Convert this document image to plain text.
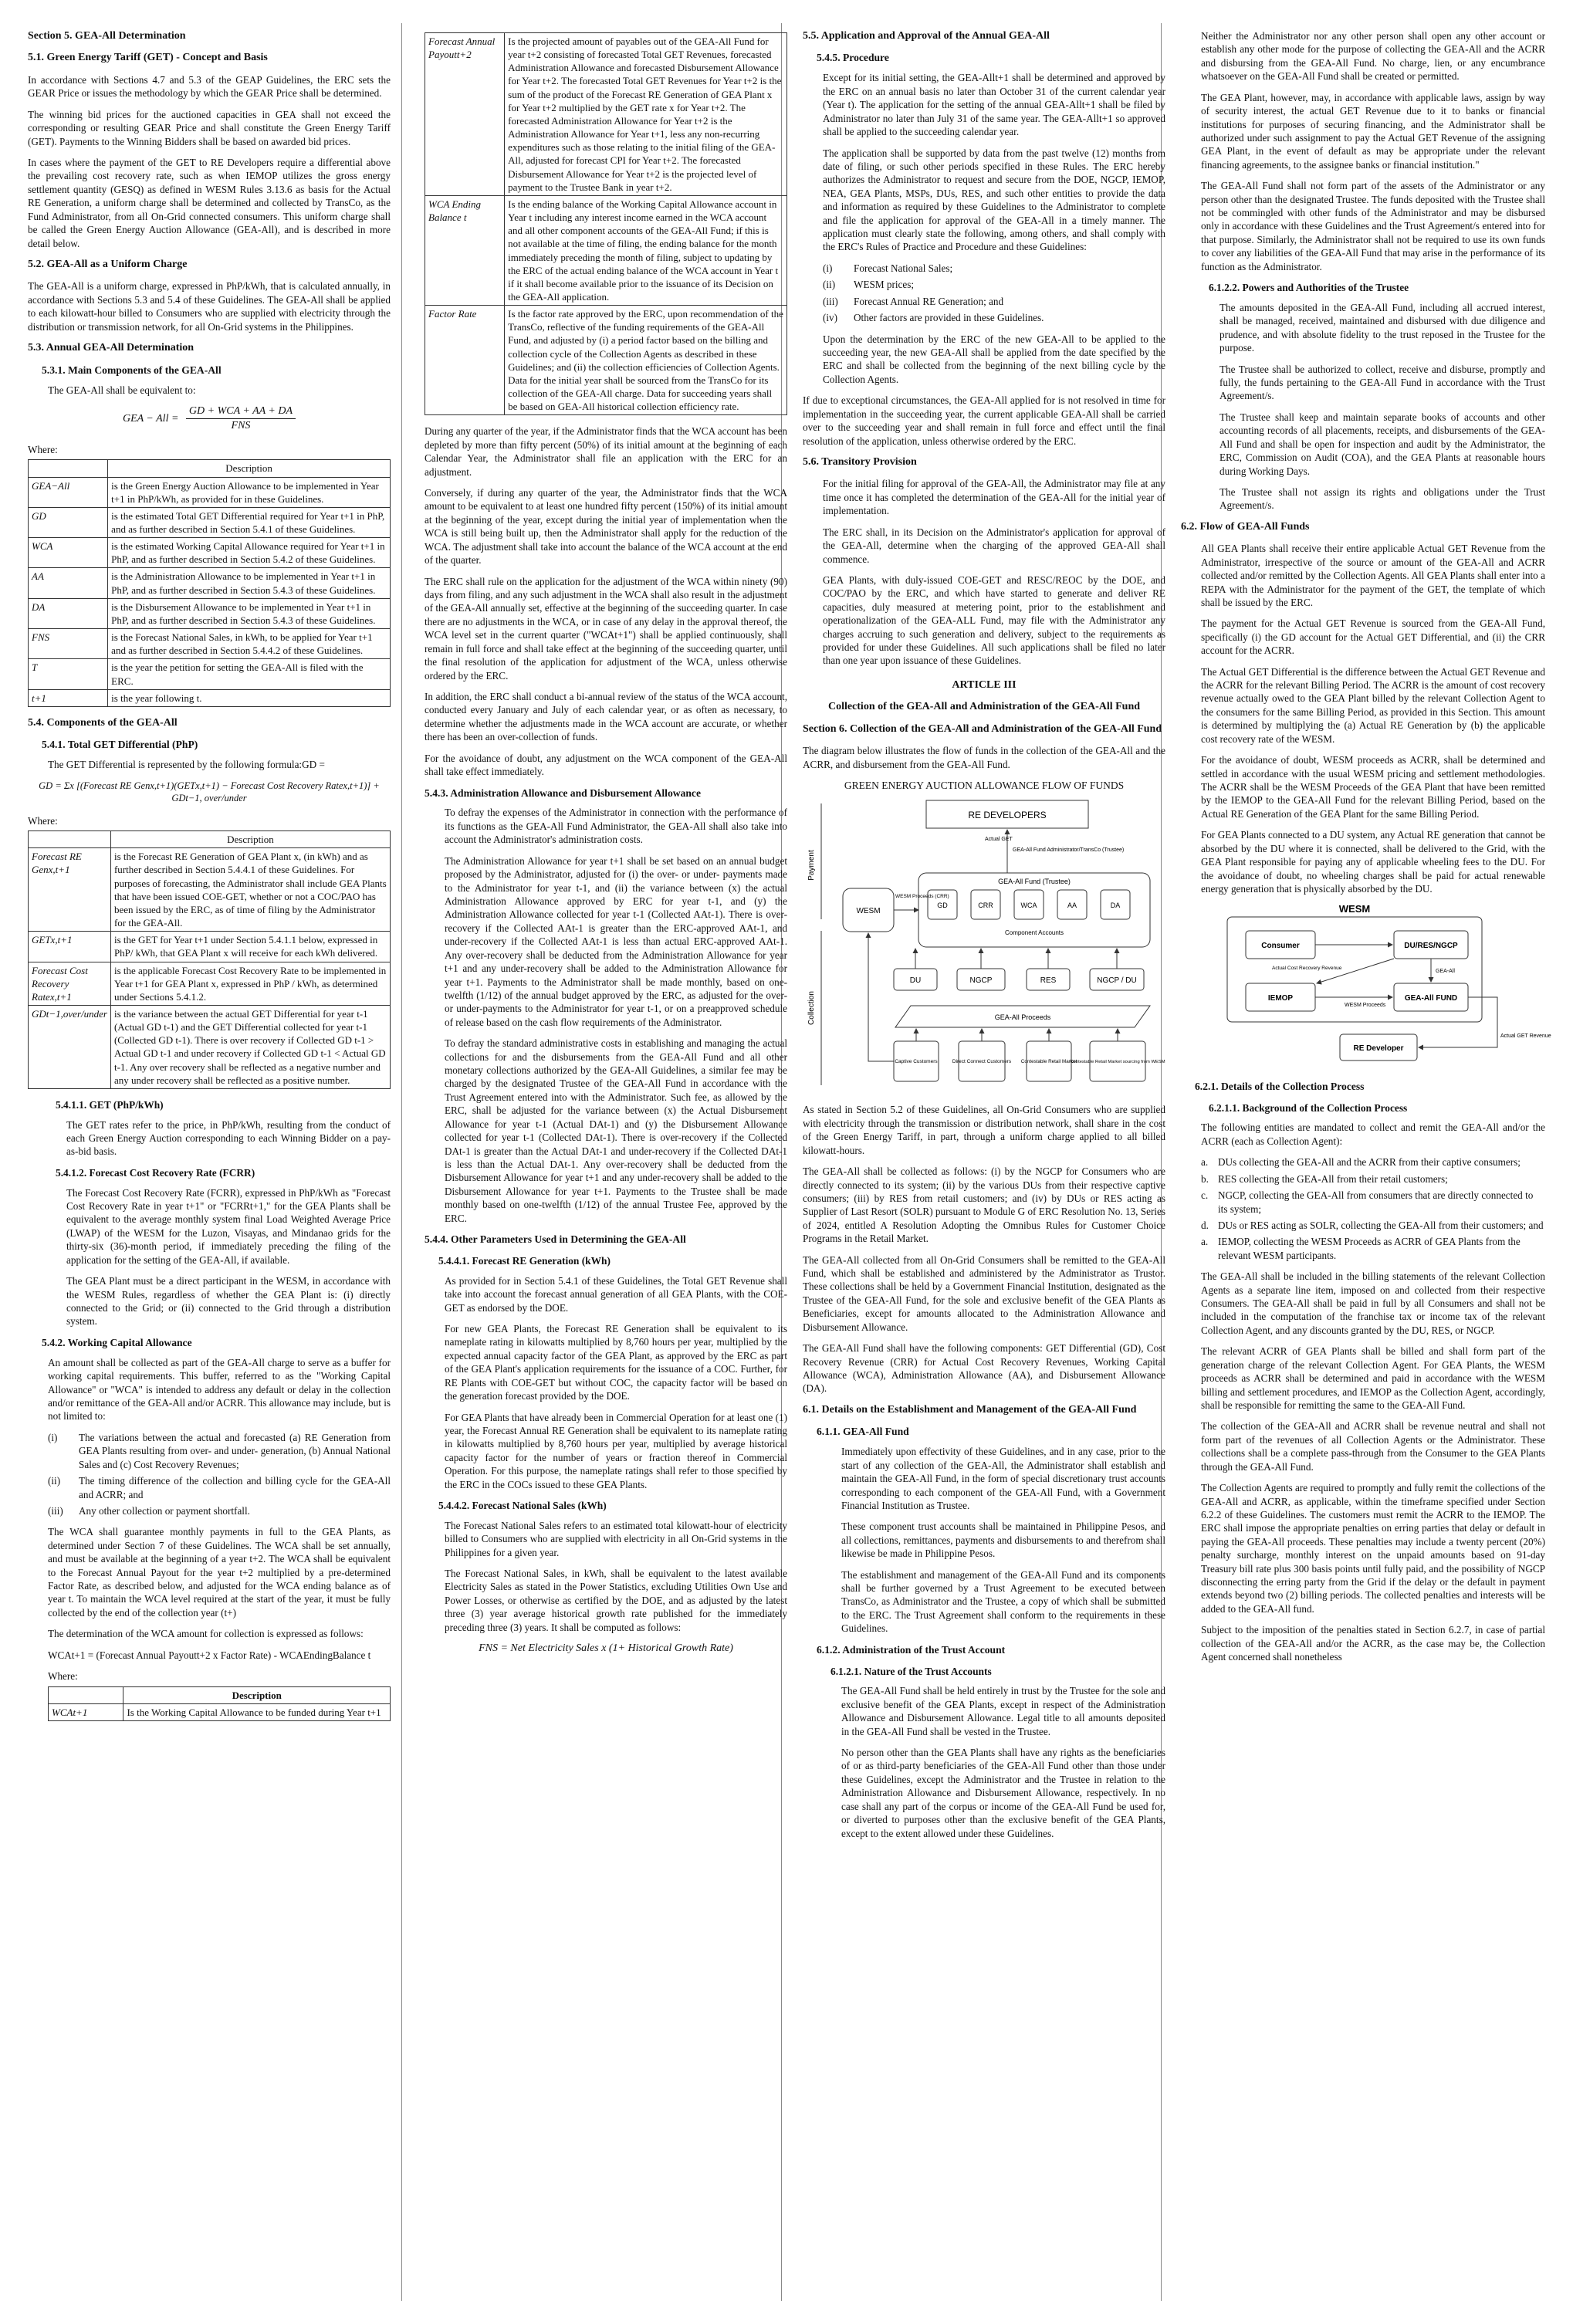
Section 5. GEA-All Determination
5.1. Green Energy Tariff (GET) - Concept and Basis

In accordance with Sections 4.7 and 5.3 of the GEAP Guidelines, the ERC sets the GEAR Price or issues the methodology by which the GEAR Price shall be determined.

The winning bid prices for the auctioned capacities in GEA shall not exceed the corresponding or resulting GEAR Price and shall constitute the Green Energy Tariff (GET). Payments to the Winning Bidders shall be based on awarded bid prices.

In cases where the payment of the GET to RE Developers require a differential above the prevailing cost recovery rate, such as when IEMOP utilizes the gross energy settlement quantity (GESQ) as defined in WESM Rules 3.13.6 as basis for the Actual RE Generation, a uniform charge shall be determined and collected by TransCo, as the Fund Administrator, from all On-Grid connected consumers. This uniform charge shall be called the Green Energy Auction Allowance (GEA-All), and is described in more detail below.

5.2. GEA-All as a Uniform Charge

The GEA-All is a uniform charge, expressed in PhP/kWh, that is calculated annually, in accordance with Sections 5.3 and 5.4 of these Guidelines. The GEA-All shall be applied to each kilowatt-hour billed to Consumers who are supplied with electricity through the distribution or transmission network, for all On-Grid systems in the Philippines.

5.3. Annual GEA-All Determination
5.3.1. Main Components of the GEA-All

The GEA-All shall be equivalent to:

GEA − All =
GD + WCA + AA + DA
FNS
Where:
	Description
GEA−All	is the Green Energy Auction Allowance to be implemented in Year t+1 in PhP/kWh, as provided for in these Guidelines.
GD	is the estimated Total GET Differential required for Year t+1 in PhP, and as further described in Section 5.4.1 of these Guidelines.
WCA	is the estimated Working Capital Allowance required for Year t+1 in PhP, and as further described in Section 5.4.2 of these Guidelines.
AA	is the Administration Allowance to be implemented in Year t+1 in PhP, and as further described in Section 5.4.3 of these Guidelines.
DA	is the Disbursement Allowance to be implemented in Year t+1 in PhP, and as further described in Section 5.4.3 of these Guidelines.
FNS	is the Forecast National Sales, in kWh, to be applied for Year t+1 and as further described in Section 5.4.4.2 of these Guidelines.
T	is the year the petition for setting the GEA-All is filed with the ERC.
t+1	is the year following t.
5.4. Components of the GEA-All
5.4.1. Total GET Differential (PhP)

The GET Differential is represented by the following formula:GD =

GD = Σx [(Forecast RE Genx,t+1)(GETx,t+1) − Forecast Cost Recovery Ratex,t+1)] + GDt−1, over/under
Where:
	Description
Forecast RE Genx,t+1	is the Forecast RE Generation of GEA Plant x, (in kWh) and as further described in Section 5.4.4.1 of these Guidelines. For purposes of forecasting, the Administrator shall include GEA Plants that have been issued COE-GET, whether or not a COC/PAO has been issued by the ERC, as of time of filing by the Administrator for the GEA-All.
GETx,t+1	is the GET for Year t+1 under Section 5.4.1.1 below, expressed in PhP/ kWh, that GEA Plant x will receive for each kWh delivered.
Forecast Cost Recovery Ratex,t+1	is the applicable Forecast Cost Recovery Rate to be implemented in Year t+1 for GEA Plant x, expressed in PhP / kWh, as determined under Sections 5.4.1.2.
GDt−1,over/under	is the variance between the actual GET Differential for year t-1 (Actual GD t-1) and the GET Differential collected for year t-1 (Collected GD t-1). There is over recovery if Collected GD t-1 > Actual GD t-1 and under recovery if Collected GD t-1 < Actual GD t-1. Any over recovery shall be reflected as a negative number and any under recovery shall be reflected as a positive number.
5.4.1.1. GET (PhP/kWh)

The GET rates refer to the price, in PhP/kWh, resulting from the conduct of each Green Energy Auction corresponding to each Winning Bidder on a pay-as-bid basis.

5.4.1.2. Forecast Cost Recovery Rate (FCRR)

The Forecast Cost Recovery Rate (FCRR), expressed in PhP/kWh as "Forecast Cost Recovery Rate in year t+1" or "FCRRt+1," for the GEA Plants shall be equivalent to the average monthly system final Load Weighted Average Price (LWAP) of the WESM for the Luzon, Visayas, and Mindanao grids for the thirty-six (36)-month period, if immediately preceding the filing of the application for the setting of the GEA-All, if available.

The GEA Plant must be a direct participant in the WESM, in accordance with the WESM Rules, regardless of whether the GEA Plant is: (i) directly connected to the Grid; or (ii) connected to the Grid through a distribution system.

5.4.2. Working Capital Allowance

An amount shall be collected as part of the GEA-All charge to serve as a buffer for working capital requirements. This buffer, referred to as the "Working Capital Allowance" or "WCA" is intended to address any default or delay in the collection and/or remittance of the GEA-All and/or ACRR. This allowance may include, but is not limited to:

(i)	The variations between the actual and forecasted (a) RE Generation from GEA Plants resulting from over- and under- generation, (b) Annual National Sales and (c) Cost Recovery Revenues;
(ii)	The timing difference of the collection and billing cycle for the GEA-All and ACRR; and
(iii)	Any other collection or payment shortfall.

The WCA shall guarantee monthly payments in full to the GEA Plants, as determined under Section 7 of these Guidelines. The WCA shall be set annually, and must be available at the beginning of a year t+2. The WCA shall be equivalent to the Forecast Annual Payout for the year t+2 multiplied by a pre-determined Factor Rate, as described below, and adjusted for the WCA ending balance as of year t. To maintain the WCA level required at the start of the year, it must be fully collected by the end of the collection year (t+)

The determination of the WCA amount for collection is expressed as follows:

WCAt+1 = (Forecast Annual Payoutt+2 x Factor Rate) - WCAEndingBalance t

Where:
	Description
WCAt+1	Is the Working Capital Allowance to be funded during Year t+1
Forecast Annual Payoutt+2	Is the projected amount of payables out of the GEA-All Fund for year t+2 consisting of forecasted Total GET Revenues, forecasted Administration Allowance and forecasted Disbursement Allowance for Year t+2. The forecasted Total GET Revenues for Year t+2 is the sum of the product of the Forecast RE Generation of GEA Plant x for Year t+2 multiplied by the GET rate x for Year t+2. The forecasted Administration Allowance for Year t+2 is the Administration Allowance for Year t+1, less any non-recurring expenditures such as those relating to the initial filing of the GEA-All, adjusted for forecast CPI for Year t+2. The forecasted Disbursement Allowance for Year t+2 is the projected level of payment to the Trustee Bank in year t+2.
WCA Ending Balance t	Is the ending balance of the Working Capital Allowance account in Year t including any interest income earned in the WCA account and all other component accounts of the GEA-All Fund; if this is not available at the time of filing, the ending balance for the month immediately preceding the month of filing, subject to updating by the ERC of the actual ending balance of the WCA account in Year t if it shall become available prior to the issuance of its Decision on the GEA-All application.
Factor Rate	Is the factor rate approved by the ERC, upon recommendation of the TransCo, reflective of the funding requirements of the GEA-All Fund, and adjusted by (i) a period factor based on the billing and collection cycle of the Collection Agents as described in these Guidelines; and (ii) the collection efficiencies of Collection Agents. Data for the initial year shall be sourced from the TransCo for its collection of the GEA-All charge. Data for succeeding years shall be based on GEA-All historical collection efficiency rate.

During any quarter of the year, if the Administrator finds that the WCA account has been depleted by more than fifty percent (50%) of its initial amount at the beginning of each Calendar Year, the Administrator shall file an application with the ERC for an adjustment.

Conversely, if during any quarter of the year, the Administrator finds that the WCA amount to be equivalent to at least one hundred fifty percent (150%) of its initial amount at the beginning of the year, except during the initial year of implementation when the WCA is still being built up, then the Administrator shall apply for the reduction of the WCA. The adjustment shall take into account the balance of the WCA account at the end of the quarter.

The ERC shall rule on the application for the adjustment of the WCA within ninety (90) days from filing, and any such adjustment in the WCA shall also result in the adjustment of the GEA-All annually set, effective at the beginning of the succeeding quarter. In case there are no adjustments in the WCA, or in case of any delay in the approval thereof, the WCA level set in the current quarter ("WCAt+1") shall be applied continuously, shall remain in full force and shall take effect at the beginning of the succeeding quarter, until the final resolution of the application for adjustment of the WCA, unless otherwise ordered by the ERC.

In addition, the ERC shall conduct a bi-annual review of the status of the WCA account, conducted every January and July of each calendar year, or as often as necessary, to determine whether the adjustments made in the WCA account are accurate, or whether there has been an over-collection of funds.

For the avoidance of doubt, any adjustment on the WCA component of the GEA-All shall take effect immediately.

5.4.3. Administration Allowance and Disbursement Allowance

To defray the expenses of the Administrator in connection with the performance of its functions as the GEA-All Fund Administrator, the GEA-All shall also take into account the Administrator's administration costs.

The Administration Allowance for year t+1 shall be set based on an annual budget proposed by the Administrator, adjusted for (i) the over- or under- payments made to the Administrator for year t-1, and (ii) the variance between (x) the actual Administration Allowance approved by ERC for year t-1, and (y) the Administration Allowance collected for year t-1 (Collected AAt-1). There is over-recovery if the Collected AAt-1 is greater than the ERC-approved AAt-1, and under-recovery if the Collected AAt-1 is less than actual ERC-approved AAt-1. Any over-recovery shall be deducted from the Administration Allowance for year t+1 and any under-recovery shall be added to the Administration Allowance for year t+1. Payments to the Administrator shall be made monthly, based on one-twelfth (1/12) of the annual budget approved by the ERC, as adjusted for the over- or under-payments to the Administrator for year t-1, or on a preapproved schedule of release based on the cash flow requirements of the Administrator.

To defray the standard administrative costs in establishing and managing the actual collections for and the disbursements from the GEA-All Fund and all other monetary collections authorized by the GEA-All Guidelines, a similar fee may be charged by the designated Trustee of the GEA-All Fund in accordance with the Trust Agreement entered into with the Administrator. Such fee, as allowed by the ERC, shall be adjusted for the variance between (x) the Actual Disbursement Allowance for year t-1 (Actual DAt-1) and (y) the Disbursement Allowance collected for year t-1 (Collected DAt-1). There is over-recovery if the Collected DAt-1 is greater than the Actual DAt-1 and under-recovery if the Collected DAt-1 is less than the Actual DAt-1. Any over-recovery shall be deducted from the Disbursement Allowance for year t+1 and any under-recovery shall be added to the Disbursement Allowance for year t+1. Payments to the Trustee shall be made monthly based on one-twelfth (1/12) of the annual Trustee Fee, approved by the ERC.

5.4.4. Other Parameters Used in Determining the GEA-All
5.4.4.1. Forecast RE Generation (kWh)

As provided for in Section 5.4.1 of these Guidelines, the Total GET Revenue shall take into account the forecast annual generation of all GEA Plants, with the COE-GET as endorsed by the DOE.

For new GEA Plants, the Forecast RE Generation shall be equivalent to its nameplate rating in kilowatts multiplied by 8,760 hours per year, multiplied by the expected annual capacity factor of the GEA Plant, as approved by the ERC as part of the GEA Plant's application requirements for the issuance of a COC. Further, for RE Plants with COE-GET but without COC, the capacity factor will be based on the generation forecast provided by the DOE.

For GEA Plants that have already been in Commercial Operation for at least one (1) year, the Forecast Annual RE Generation shall be equivalent to its nameplate rating in kilowatts multiplied by 8,760 hours per year, multiplied by average historical capacity factor for the number of years or fraction thereof in Commercial Operation. For this purpose, the nameplate ratings shall refer to those specified by the ERC in the COCs issued to these GEA Plants.

5.4.4.2. Forecast National Sales (kWh)

The Forecast National Sales refers to an estimated total kilowatt-hour of electricity billed to Consumers who are supplied with electricity in all On-Grid systems in the Philippines for a given year.

The Forecast National Sales, in kWh, shall be equivalent to the latest available Electricity Sales as stated in the Power Statistics, excluding Utilities Own Use and Power Losses, or otherwise as certified by the DOE, and as adjusted by the latest three (3) year average historical growth rate published for the immediately preceding three (3) years. It shall be computed as follows:

FNS = Net Electricity Sales x (1+ Historical Growth Rate)
5.5. Application and Approval of the Annual GEA-All
5.4.5. Procedure

Except for its initial setting, the GEA-Allt+1 shall be determined and approved by the ERC on an annual basis no later than October 31 of the current calendar year (Year t). The application for the setting of the annual GEA-Allt+1 shall be filed by Administrator no later than July 31 of the same year. The GEA-Allt+1 so approved shall be applied to the succeeding calendar year.

The application shall be supported by data from the past twelve (12) months from date of filing, or such other periods specified in these Rules. The ERC hereby authorizes the Administrator to request and secure from the DOE, NGCP, IEMOP, NEA, GEA Plants, MSPs, DUs, RES, and such other entities to provide the data and information as required by these Guidelines to the Administrator to complete and file the application for approval of the GEA-All in a timely manner. The application must clearly state the following, among others, and shall comply with the ERC's Rules of Practice and Procedure and these Guidelines:

(i)	Forecast National Sales;
(ii)	WESM prices;
(iii)	Forecast Annual RE Generation; and
(iv)	Other factors are provided in these Guidelines.

Upon the determination by the ERC of the new GEA-All to be applied to the succeeding year, the new GEA-All shall be applied from the date specified by the ERC and shall be collected from the beginning of the next billing cycle by the Collection Agents.

If due to exceptional circumstances, the GEA-All applied for is not resolved in time for implementation in the succeeding year, the current applicable GEA-All shall be carried over to the succeeding year and shall remain in full force and effect until the final resolution of the application, unless otherwise ordered by the ERC.

5.6. Transitory Provision

For the initial filing for approval of the GEA-All, the Administrator may file at any time once it has completed the determination of the GEA-All for the initial year of implementation.

The ERC shall, in its Decision on the Administrator's application for approval of the GEA-All, determine when the charging of the approved GEA-All shall commence.

GEA Plants, with duly-issued COE-GET and RESC/REOC by the DOE, and COC/PAO by the ERC, and which have started to generate and deliver RE capacities, duly measured at metering point, prior to the establishment and operationalization of the GEA-ALL Fund, may file with the Administrator any charges accruing to such generation and delivery, subject to the requirements as provided for under these Guidelines. All such applications shall be filed no later than one year upon issuance of these Guidelines.

ARTICLE III
Collection of the GEA-All and Administration of the GEA-All Fund
Section 6. Collection of the GEA-All and Administration of the GEA-All Fund

The diagram below illustrates the flow of funds in the collection of the GEA-All and the ACRR, and disbursement from the GEA-All Fund.

GREEN ENERGY AUCTION ALLOWANCE FLOW OF FUNDS
Payment
Collection
RE DEVELOPERS
Actual GET
GEA-All Fund Administrator/TransCo (Trustee)
GEA-All Fund (Trustee)
GD	CRR	WCA	AA	DA
Component Accounts
WESM
WESM Proceeds (CRR)
DU	NGCP	RES	NGCP / DU
GEA-All Proceeds
Captive Customers	Direct Connect Customers Contestable Retail Market
Contestable Retail Market sourcing from WESM

As stated in Section 5.2 of these Guidelines, all On-Grid Consumers who are supplied with electricity through the transmission or distribution network, shall share in the cost of the Green Energy Tariff, in part, through a uniform charge applied to all billed kilowatt-hours.

The GEA-All shall be collected as follows: (i) by the NGCP for Consumers who are directly connected to its system; (ii) by the various DUs from their respective captive consumers; (iii) by RES from retail customers; and (iv) by DUs or RES acting as Supplier of Last Resort (SOLR) pursuant to Module G of ERC Resolution No. 13, Series of 2024, entitled A Resolution Adopting the Omnibus Rules for Customer Choice Programs in the Retail Market.

The GEA-All collected from all On-Grid Consumers shall be remitted to the GEA-All Fund, which shall be established and administered by the Administrator as Trustor. These collections shall be held by a Government Financial Institution, designated as the Trustee of the GEA-All Fund, for the sole and exclusive benefit of the GEA Plants as Beneficiaries, except for amounts allocated to the Administration Allowance and Disbursement Allowance.

The GEA-All Fund shall have the following components: GET Differential (GD), Cost Recovery Revenue (CRR) for Actual Cost Recovery Revenues, Working Capital Allowance (WCA), Administration Allowance (AA), and Disbursement Allowance (DA).

6.1. Details on the Establishment and Management of the GEA-All Fund
6.1.1. GEA-All Fund

Immediately upon effectivity of these Guidelines, and in any case, prior to the start of any collection of the GEA-All, the Administrator shall establish and maintain the GEA-All Fund, in the form of special discretionary trust accounts corresponding to each component of the GEA-All Fund, with a Government Financial Institution as Trustee.

These component trust accounts shall be maintained in Philippine Pesos, and all collections, remittances, payments and disbursements to and therefrom shall likewise be made in Philippine Pesos.

The establishment and management of the GEA-All Fund and its components shall be further governed by a Trust Agreement to be executed between TransCo, as Administrator and the Trustee, a copy of which shall be submitted to the ERC. The Trust Agreement shall conform to the requirements in these Guidelines.

6.1.2. Administration of the Trust Account
6.1.2.1. Nature of the Trust Accounts

The GEA-All Fund shall be held entirely in trust by the Trustee for the sole and exclusive benefit of the GEA Plants, except in respect of the Administration Allowance and Disbursement Allowance. Legal title to all amounts deposited in the GEA-All Fund shall be vested in the Trustee.

No person other than the GEA Plants shall have any rights as the beneficiaries of or as third-party beneficiaries of the GEA-All Fund other than those under these Guidelines, except the Administrator and the Trustee in relation to the Administration Allowance and Disbursement Allowance, respectively. In no case shall any part of the corpus or income of the GEA-All Fund be used for, or diverted to purposes other than the exclusive benefit of the GEA Plants, except to the extent allowed under these Guidelines.

Neither the Administrator nor any other person shall open any other account or establish any other mode for the purpose of collecting the GEA-All and the ACRR and disbursing from the GEA-All Fund. No charge, lien, or any encumbrance whatsoever on the GEA-All Fund shall be created or permitted.

The GEA Plant, however, may, in accordance with applicable laws, assign by way of security interest, the actual GET Revenue due to it to banks or financial institutions for purposes of securing financing, and the Administrator shall be authorized under such assignment to pay the Actual GET Revenue of the assigning GEA Plant, in the event of default as may be appropriate under the relevant financing agreements, to the assignee banks or financial institution."

The GEA-All Fund shall not form part of the assets of the Administrator or any person other than the designated Trustee. The funds deposited with the Trustee shall not be commingled with other funds of the Administrator and may be disbursed only in accordance with these Guidelines and the Trust Agreement/s entered into for that purpose. Similarly, the Administrator shall not be required to use its own funds to cover any liabilities of the GEA-All Fund that may arise in the performance of its function as the Administrator.

6.1.2.2. Powers and Authorities of the Trustee

The amounts deposited in the GEA-All Fund, including all accrued interest, shall be managed, received, maintained and disbursed with due diligence and prudence, and with absolute fidelity to the trust reposed in the Trustee for the purpose.

The Trustee shall be authorized to collect, receive and disburse, promptly and fully, the funds pertaining to the GEA-All Fund in accordance with the Trust Agreement/s.

The Trustee shall keep and maintain separate books of accounts and other accounting records of all placements, receipts, and disbursements of the GEA-All Fund and shall be open for inspection and audit by the Administrator, the ERC, Commission on Audit (COA), and the GEA Plants at reasonable hours during Working Days.

The Trustee shall not assign its rights and obligations under the Trust Agreement/s.

6.2. Flow of GEA-All Funds

All GEA Plants shall receive their entire applicable Actual GET Revenue from the Administrator, irrespective of the source or amount of the GEA-All and ACRR collected and/or remitted by the Collection Agents. All GEA Plants shall enter into a REPA with the Administrator for the payment of the GET, the template of which shall be issued by the ERC.

The payment for the Actual GET Revenue is sourced from the GEA-All Fund, specifically (i) the GD account for the Actual GET Differential, and (ii) the CRR account for the ACRR.

The Actual GET Differential is the difference between the Actual GET Revenue and the ACRR for the relevant Billing Period. The ACRR is the amount of cost recovery revenue actually owed to the GEA Plant billed by the relevant Collection Agent to the consumers for the same Billing Period, as provided in this Section. This amount is determined by multiplying the (a) Actual RE Generation by (b) the applicable cost recovery rate of the WESM.

For the avoidance of doubt, WESM proceeds as ACRR, shall be determined and settled in accordance with the usual WESM pricing and settlement methodologies. The ACRR shall be the WESM Proceeds of the GEA Plant that have been remitted by the IEMOP to the GEA-All Fund for the relevant Billing Period, based on the Actual RE Generation of the GEA Plant for the same Billing Period.

For GEA Plants connected to a DU system, any Actual RE generation that cannot be absorbed by the DU where it is connected, shall be delivered to the Grid, with the GEA Plant responsible for paying any of applicable wheeling fees to the DU. For the avoidance of doubt, no wheeling charges shall be paid for actual renewable energy generation that is physically absorbed by the DU.

WESM
Consumer	DU/RES/NGCP
IEMOP	GEA-All FUND
GEA-All
Actual Cost Recovery Revenue
WESM Proceeds
RE Developer
Actual GET Revenue
6.2.1. Details of the Collection Process
6.2.1.1. Background of the Collection Process

The following entities are mandated to collect and remit the GEA-All and/or the ACRR (each as Collection Agent):

a. DUs collecting the GEA-All and the ACRR from their captive consumers;
b. RES collecting the GEA-All from their retail customers;
c. NGCP, collecting the GEA-All from consumers that are directly connected to its system;
d. DUs or RES acting as SOLR, collecting the GEA-All from their customers; and
a. IEMOP, collecting the WESM Proceeds as ACRR of GEA Plants from the relevant WESM participants.

The GEA-All shall be included in the billing statements of the relevant Collection Agents as a separate line item, imposed on and collected from their respective Consumers. The GEA-All shall be paid in full by all Consumers and shall not be included in the computation of the franchise tax or income tax of the relevant Collection Agent, and any discounts granted by the DU, RES, or NGCP.

The relevant ACRR of GEA Plants shall be billed and shall form part of the generation charge of the relevant Collection Agent. For GEA Plants, the WESM proceeds as ACRR shall be determined and paid in accordance with the WESM billing and settlement procedures, and IEMOP as the Collection Agent, accordingly, shall be responsible for remitting the same to the GEA-All Fund.

The collection of the GEA-All and ACRR shall be revenue neutral and shall not form part of the revenues of all Collection Agents or the Administrator. These collections shall be a complete pass-through from the Consumer to the GEA Plants through the GEA-All Fund.

The Collection Agents are required to promptly and fully remit the collections of the GEA-All and ACRR, as applicable, within the timeframe specified under Section 6.2.2 of these Guidelines. The customers must remit the ACRR to the IEMOP. The ERC shall impose the appropriate penalties on erring parties that delay or default in paying the GEA-All proceeds. These penalties may include a twenty percent (20%) penalty surcharge, monthly interest on the unpaid amounts based on 91-day Treasury bill rate plus 300 basis points until fully paid, and the possibility of NGCP disconnecting the erring party from the Grid if the delay or the default in payment extends beyond two (2) billing periods. The collected penalties and interests will be added to the GEA-All fund.

Subject to the imposition of the penalties stated in Section 6.2.7, in case of partial collection of the GEA-All and/or the ACRR, as the case may be, the Collection Agent concerned shall nonetheless
